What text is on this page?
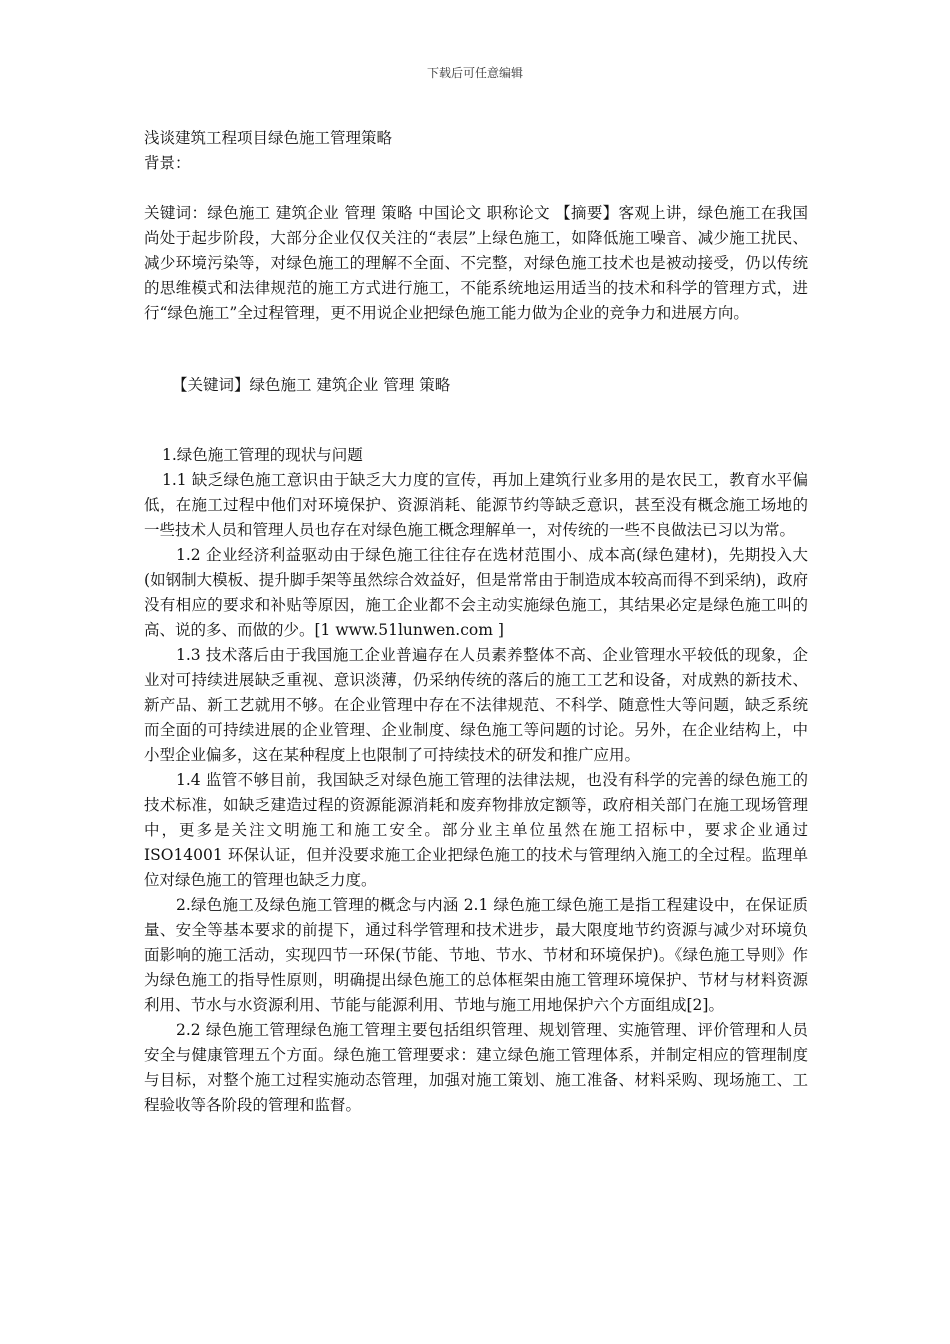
下载后可任意编辑

浅谈建筑工程项目绿色施工管理策略

背景：

关键词：绿色施工 建筑企业 管理 策略 中国论文 职称论文 【摘要】客观上讲，绿色施工在我国尚处于起步阶段，大部分企业仅仅关注的“表层”上绿色施工，如降低施工噪音、减少施工扰民、减少环境污染等，对绿色施工的理解不全面、不完整，对绿色施工技术也是被动接受，仍以传统的思维模式和法律规范的施工方式进行施工，不能系统地运用适当的技术和科学的管理方式，进行“绿色施工”全过程管理，更不用说企业把绿色施工能力做为企业的竞争力和进展方向。

【关键词】绿色施工 建筑企业 管理 策略

1.绿色施工管理的现状与问题

1.1 缺乏绿色施工意识由于缺乏大力度的宣传，再加上建筑行业多用的是农民工，教育水平偏低，在施工过程中他们对环境保护、资源消耗、能源节约等缺乏意识，甚至没有概念施工场地的一些技术人员和管理人员也存在对绿色施工概念理解单一，对传统的一些不良做法已习以为常。

1.2 企业经济利益驱动由于绿色施工往往存在选材范围小、成本高(绿色建材)，先期投入大(如钢制大模板、提升脚手架等虽然综合效益好，但是常常由于制造成本较高而得不到采纳)，政府没有相应的要求和补贴等原因，施工企业都不会主动实施绿色施工，其结果必定是绿色施工叫的高、说的多、而做的少。[1 www.51lunwen.com ]

1.3 技术落后由于我国施工企业普遍存在人员素养整体不高、企业管理水平较低的现象，企业对可持续进展缺乏重视、意识淡薄，仍采纳传统的落后的施工工艺和设备，对成熟的新技术、新产品、新工艺就用不够。在企业管理中存在不法律规范、不科学、随意性大等问题，缺乏系统而全面的可持续进展的企业管理、企业制度、绿色施工等问题的讨论。另外，在企业结构上，中小型企业偏多，这在某种程度上也限制了可持续技术的研发和推广应用。

1.4 监管不够目前，我国缺乏对绿色施工管理的法律法规，也没有科学的完善的绿色施工的技术标准，如缺乏建造过程的资源能源消耗和废弃物排放定额等，政府相关部门在施工现场管理中，更多是关注文明施工和施工安全。部分业主单位虽然在施工招标中，要求企业通过 ISO14001 环保认证，但并没要求施工企业把绿色施工的技术与管理纳入施工的全过程。监理单位对绿色施工的管理也缺乏力度。

2.绿色施工及绿色施工管理的概念与内涵 2.1 绿色施工绿色施工是指工程建设中，在保证质量、安全等基本要求的前提下，通过科学管理和技术进步，最大限度地节约资源与减少对环境负面影响的施工活动，实现四节一环保(节能、节地、节水、节材和环境保护)。《绿色施工导则》作为绿色施工的指导性原则，明确提出绿色施工的总体框架由施工管理环境保护、节材与材料资源利用、节水与水资源利用、节能与能源利用、节地与施工用地保护六个方面组成[2]。

2.2 绿色施工管理绿色施工管理主要包括组织管理、规划管理、实施管理、评价管理和人员安全与健康管理五个方面。绿色施工管理要求：建立绿色施工管理体系，并制定相应的管理制度与目标，对整个施工过程实施动态管理，加强对施工策划、施工准备、材料采购、现场施工、工程验收等各阶段的管理和监督。
